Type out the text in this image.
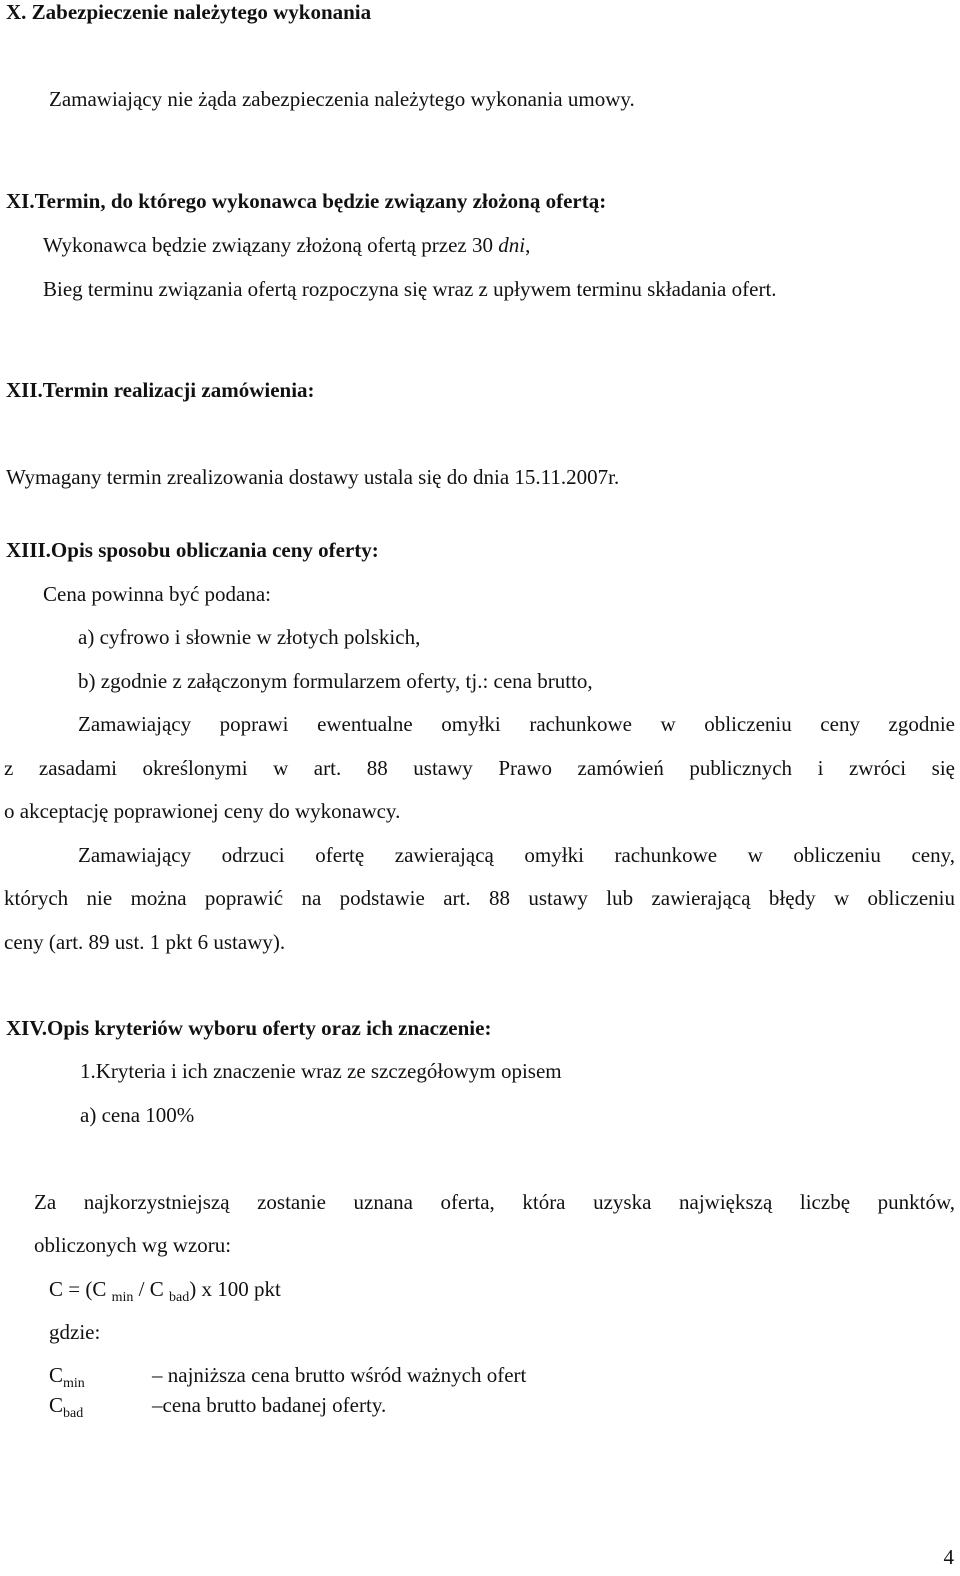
X. Zabezpieczenie należytego wykonania
Zamawiający nie żąda zabezpieczenia należytego wykonania umowy.
XI.Termin, do którego wykonawca będzie związany złożoną ofertą:
Wykonawca będzie związany złożoną ofertą przez 30 dni,
Bieg terminu związania ofertą rozpoczyna się wraz z upływem terminu składania ofert.
XII.Termin realizacji zamówienia:
Wymagany termin zrealizowania dostawy ustala się do dnia 15.11.2007r.
XIII.Opis sposobu obliczania ceny oferty:
Cena powinna być podana:
a) cyfrowo i słownie w złotych polskich,
b) zgodnie z załączonym formularzem oferty, tj.: cena brutto,
Zamawiający poprawi ewentualne omyłki rachunkowe w obliczeniu ceny zgodnie
z zasadami określonymi w art. 88 ustawy Prawo zamówień publicznych i zwróci się
o akceptację poprawionej ceny do wykonawcy.
Zamawiający odrzuci ofertę zawierającą omyłki rachunkowe w obliczeniu ceny,
których nie można poprawić na podstawie art. 88 ustawy lub zawierającą błędy w obliczeniu
ceny (art. 89 ust. 1 pkt 6 ustawy).
XIV.Opis kryteriów wyboru oferty oraz ich znaczenie:
1.Kryteria i ich znaczenie wraz ze szczegółowym opisem
a) cena 100%
Za najkorzystniejszą zostanie uznana oferta, która uzyska największą liczbę punktów,
obliczonych wg wzoru:
C = (C $_{min}$ / C $_{bad}$) x 100 pkt
gdzie:
$C_{min}$	– najniższa cena brutto wśród ważnych ofert
$C_{bad}$	–cena brutto badanej oferty.
4
